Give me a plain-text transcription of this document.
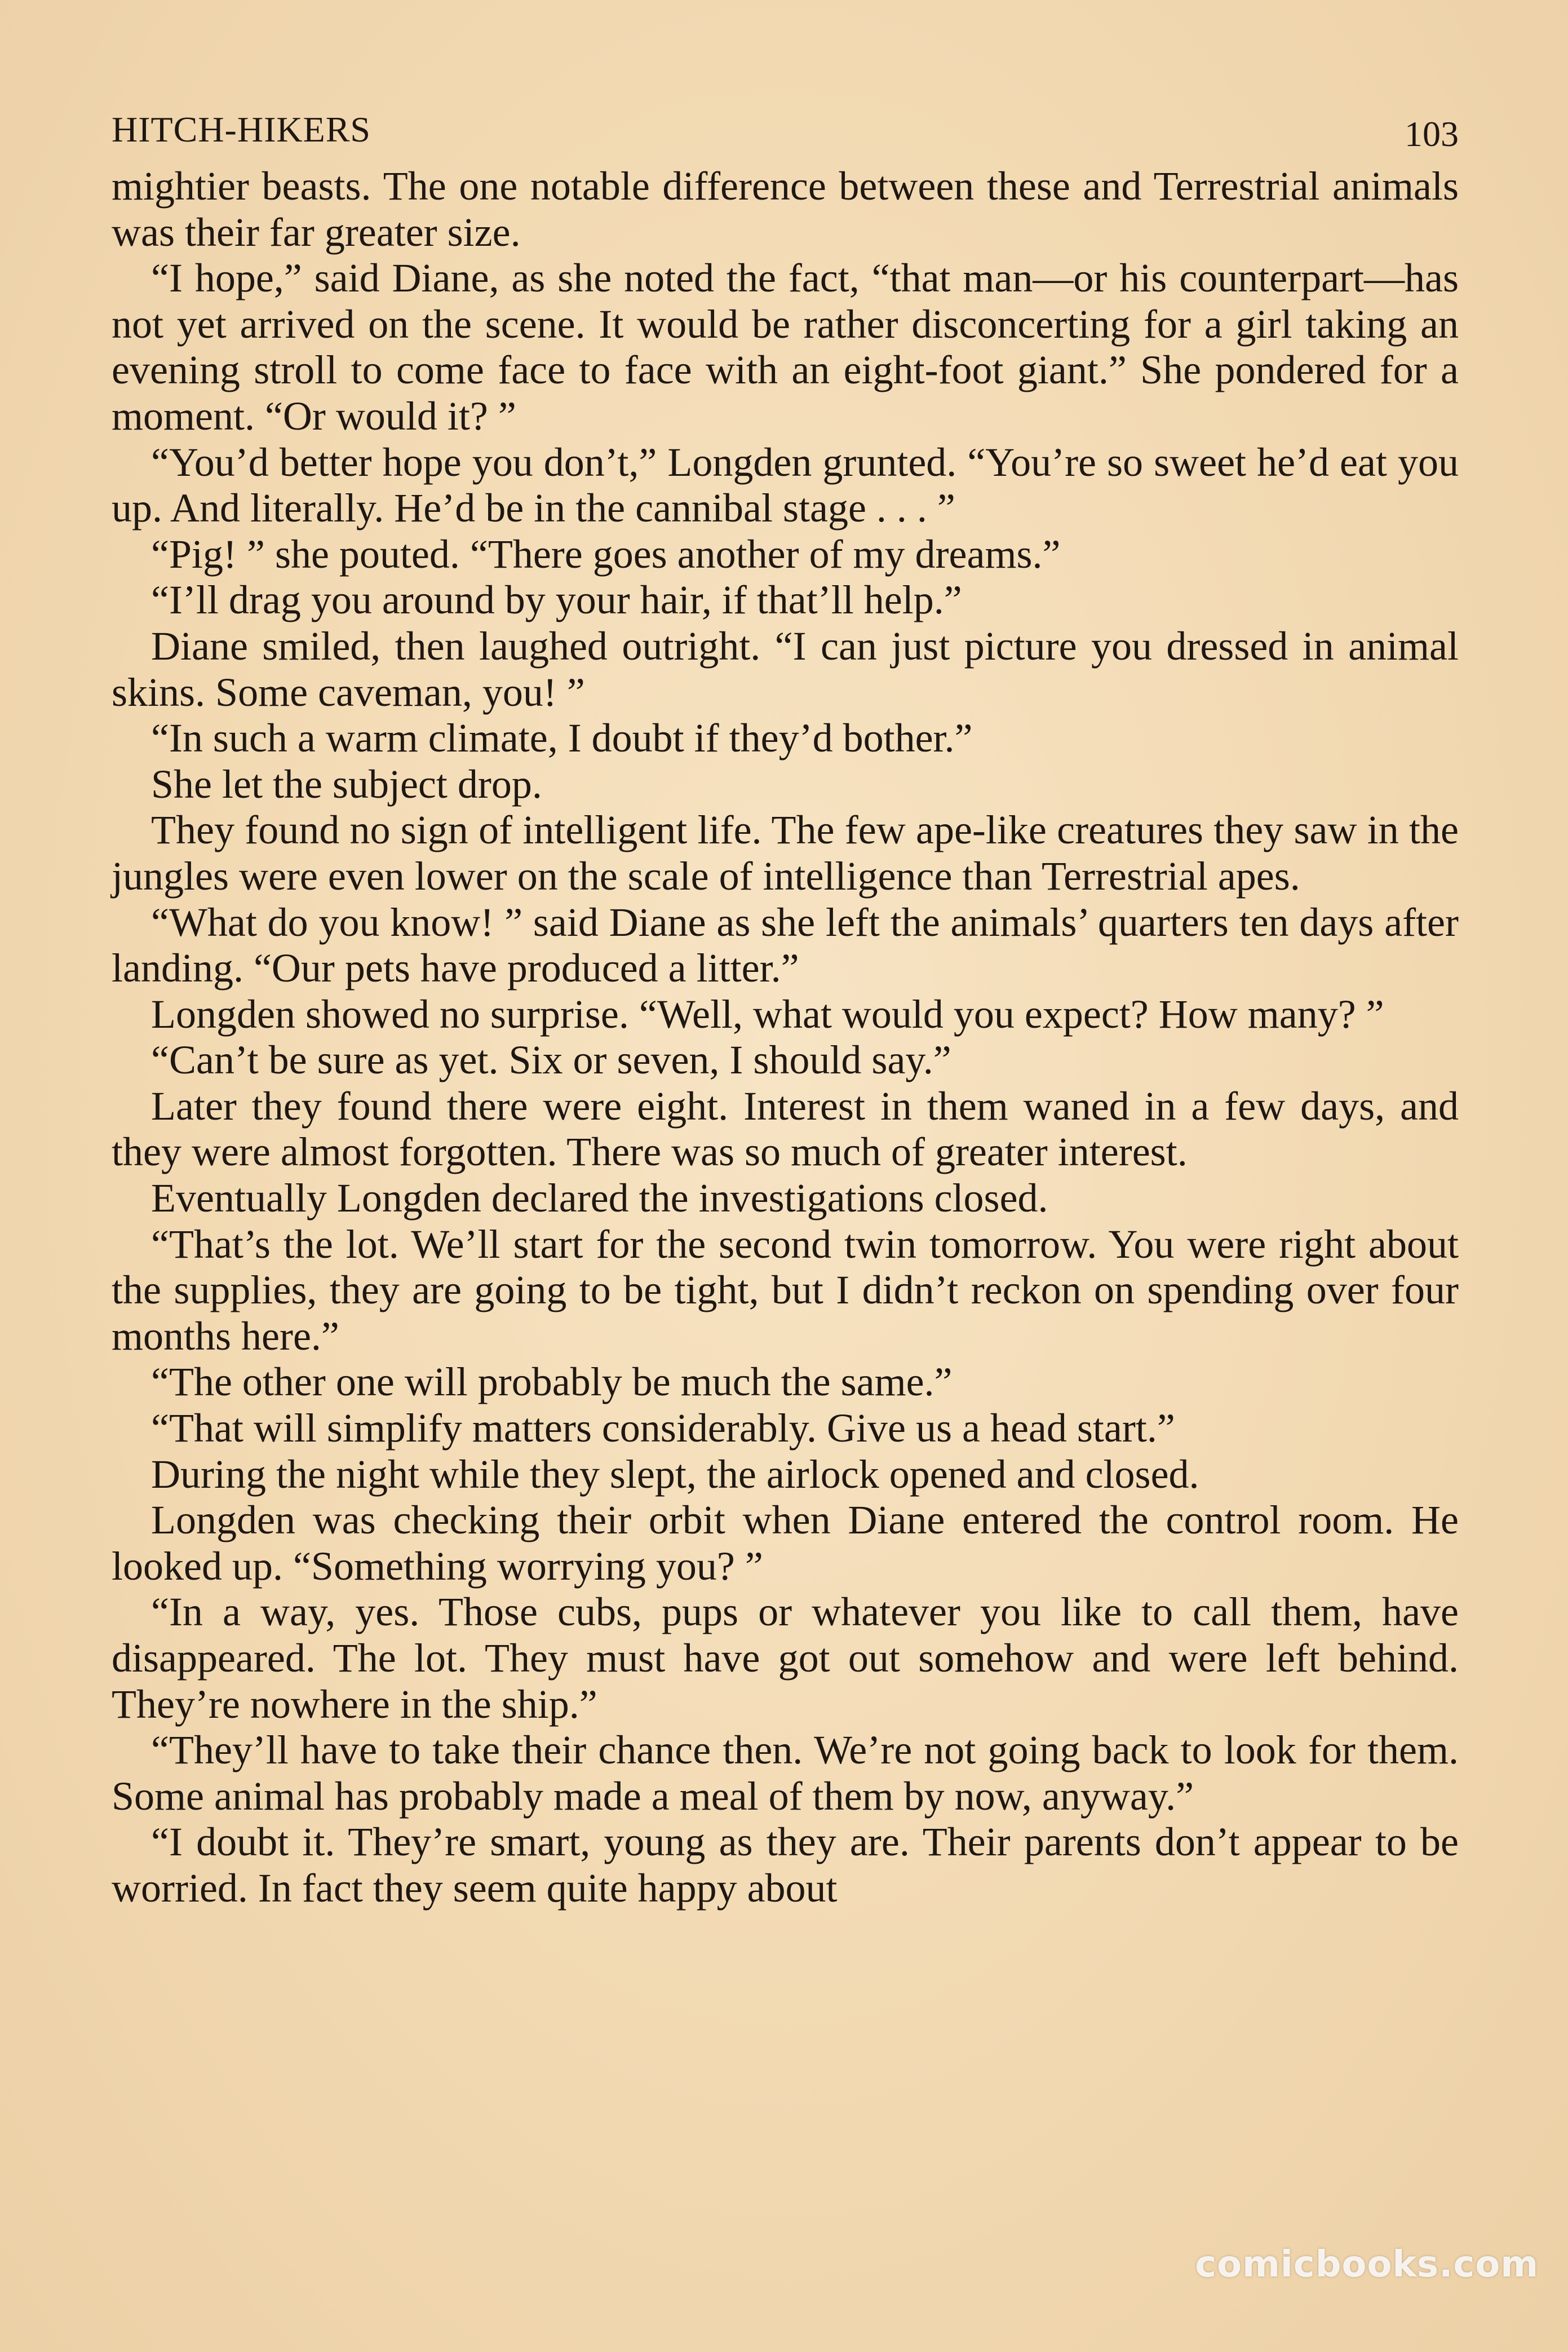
HITCH-HIKERS	103

mightier beasts. The one notable difference between these and Terrestrial animals was their far greater size.

“I hope,” said Diane, as she noted the fact, “that man—or his counterpart—has not yet arrived on the scene. It would be rather disconcerting for a girl taking an evening stroll to come face to face with an eight-foot giant.” She pondered for a moment. “Or would it? ”

“You’d better hope you don’t,” Longden grunted. “You’re so sweet he’d eat you up. And literally. He’d be in the cannibal stage . . . ”

“Pig! ” she pouted. “There goes another of my dreams.”

“I’ll drag you around by your hair, if that’ll help.”

Diane smiled, then laughed outright. “I can just picture you dressed in animal skins. Some caveman, you! ”

“In such a warm climate, I doubt if they’d bother.”

She let the subject drop.

They found no sign of intelligent life. The few ape-like creatures they saw in the jungles were even lower on the scale of intelligence than Terrestrial apes.

“What do you know! ” said Diane as she left the animals’ quarters ten days after landing. “Our pets have produced a litter.”

Longden showed no surprise. “Well, what would you expect? How many? ”

“Can’t be sure as yet. Six or seven, I should say.”

Later they found there were eight. Interest in them waned in a few days, and they were almost forgotten. There was so much of greater interest.

Eventually Longden declared the investigations closed.

“That’s the lot. We’ll start for the second twin tomorrow. You were right about the supplies, they are going to be tight, but I didn’t reckon on spending over four months here.”

“The other one will probably be much the same.”

“That will simplify matters considerably. Give us a head start.”

During the night while they slept, the airlock opened and closed.

Longden was checking their orbit when Diane entered the control room. He looked up. “Something worrying you? ”

“In a way, yes. Those cubs, pups or whatever you like to call them, have disappeared. The lot. They must have got out somehow and were left behind. They’re nowhere in the ship.”

“They’ll have to take their chance then. We’re not going back to look for them. Some animal has probably made a meal of them by now, anyway.”

“I doubt it. They’re smart, young as they are. Their parents don’t appear to be worried. In fact they seem quite happy about

comicbooks.com
